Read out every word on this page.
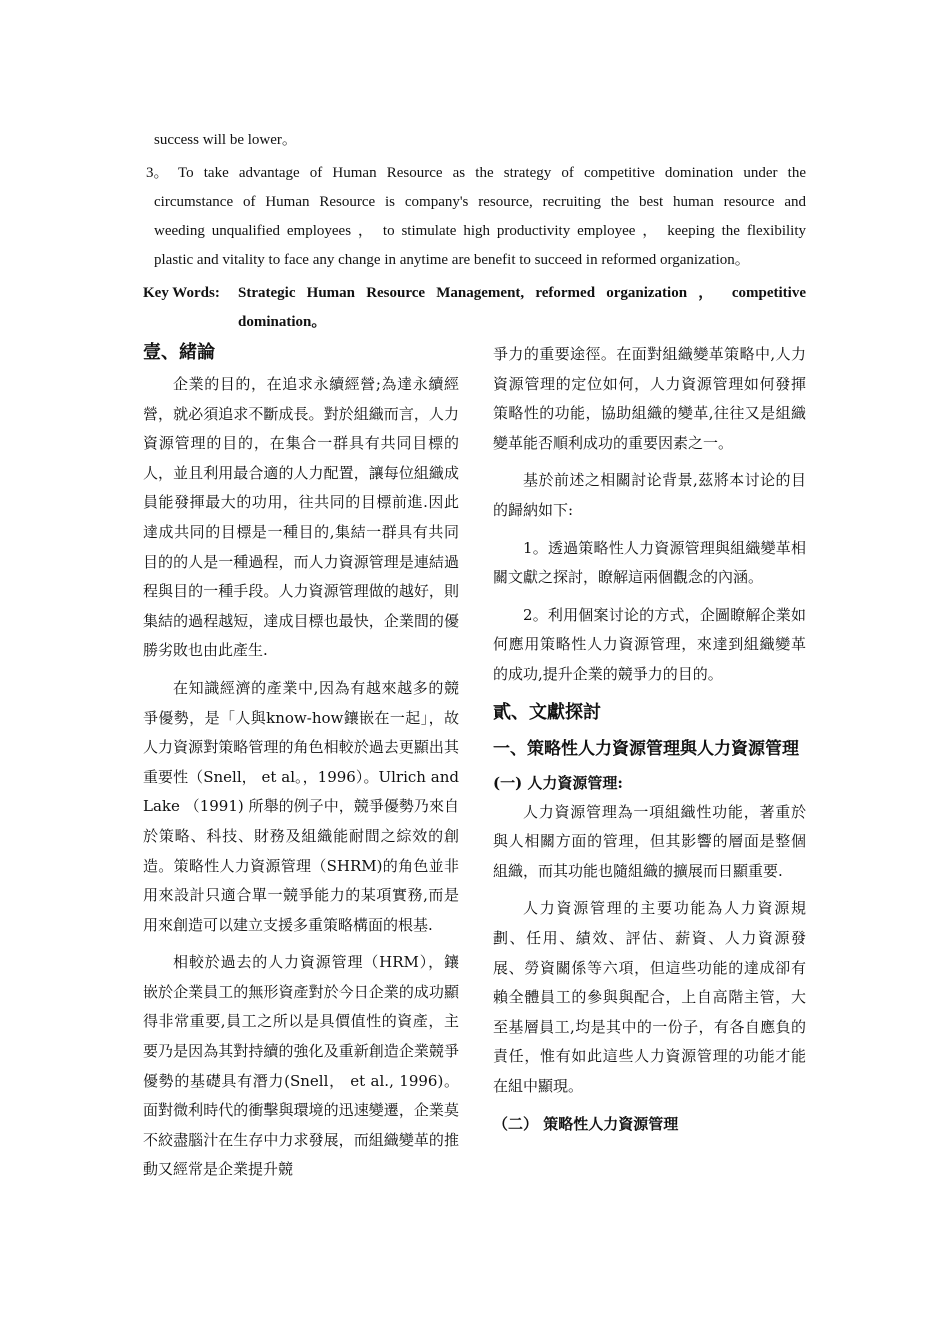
success will be lower。
3。 To take advantage of Human Resource as the strategy of competitive domination under the
circumstance of Human Resource is company's resource, recruiting the best human resource and
weeding unqualified employees ， to stimulate high productivity employee ， keeping the flexibility
plastic and vitality to face any change in anytime are benefit to succeed in reformed organization。
Key Words: Strategic Human Resource Management, reformed organization ， competitive
domination。

壹、緒論

企業的目的，在追求永續經營;為達永續經營，就必須追求不斷成長。對於組織而言，人力資源管理的目的，在集合一群具有共同目標的人，並且利用最合適的人力配置，讓每位組織成員能發揮最大的功用，往共同的目標前進.因此達成共同的目標是一種目的,集結一群具有共同目的的人是一種過程，而人力資源管理是連結過程與目的一種手段。人力資源管理做的越好，則集結的過程越短，達成目標也最快，企業間的優勝劣敗也由此產生.

在知識經濟的產業中,因為有越來越多的競爭優勢，是「人與know-how鑲嵌在一起」，故人力資源對策略管理的角色相較於過去更顯出其重要性（Snell， et al。，1996）。Ulrich and Lake （1991) 所舉的例子中，競爭優勢乃來自於策略、科技、財務及組織能耐間之綜效的創造。策略性人力資源管理（SHRM)的角色並非用來設計只適合單一競爭能力的某項實務,而是用來創造可以建立支援多重策略構面的根基.

相較於過去的人力資源管理（HRM），鑲嵌於企業員工的無形資產對於今日企業的成功顯得非常重要,員工之所以是具價值性的資產，主要乃是因為其對持續的強化及重新創造企業競爭優勢的基礎具有潛力(Snell， et al., 1996)。面對微利時代的衝擊與環境的迅速變遷，企業莫不絞盡腦汁在生存中力求發展，而組織變革的推動又經常是企業提升競

爭力的重要途徑。在面對組織變革策略中,人力資源管理的定位如何，人力資源管理如何發揮策略性的功能，協助組織的變革,往往又是組織變革能否順利成功的重要因素之一。

基於前述之相關討论背景,茲將本讨论的目的歸納如下:

1。透過策略性人力資源管理與組織變革相關文獻之探討，瞭解這兩個觀念的內涵。

2。利用個案讨论的方式，企圖瞭解企業如何應用策略性人力資源管理，來達到組織變革的成功,提升企業的競爭力的目的。

貳、文獻探討

一、策略性人力資源管理與人力資源管理

(一) 人力資源管理:

人力資源管理為一項組織性功能，著重於與人相關方面的管理，但其影響的層面是整個組織，而其功能也隨組織的擴展而日顯重要.

人力資源管理的主要功能為人力資源規劃、任用、績效、評估、薪資、人力資源發展、勞資關係等六項，但這些功能的達成卻有賴全體員工的參與與配合，上自高階主管，大至基層員工,均是其中的一份子，有各自應負的責任，惟有如此這些人力資源管理的功能才能在組中顯現。

（二） 策略性人力資源管理
